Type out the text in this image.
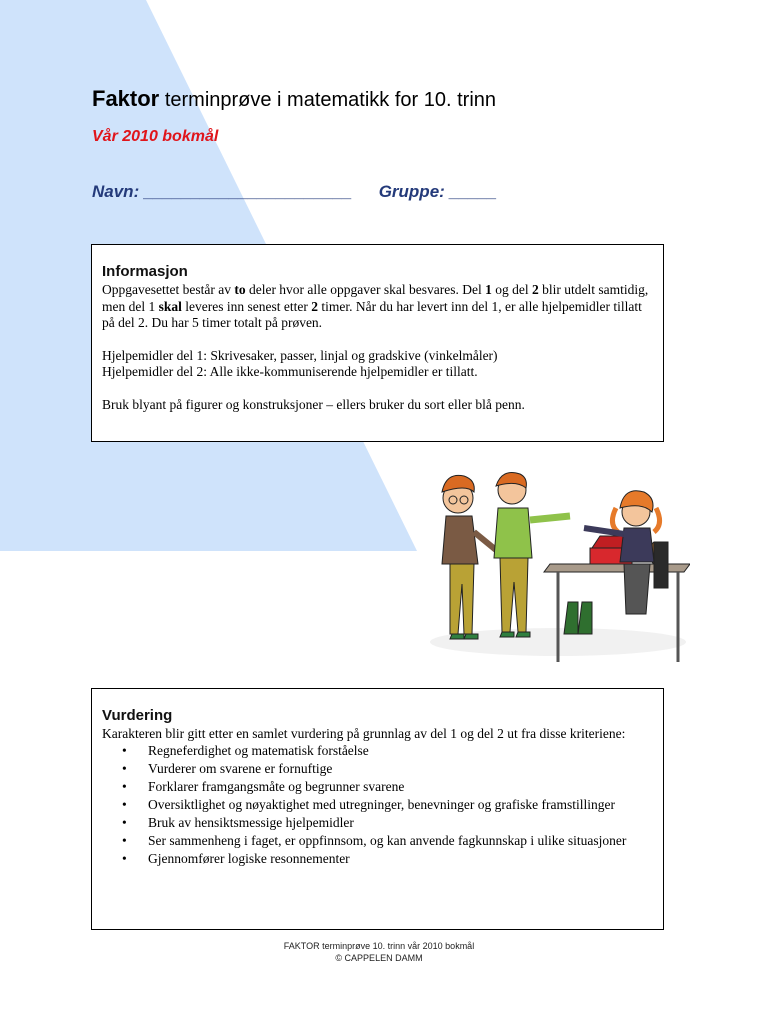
Faktor terminprøve i matematikk for 10. trinn
Vår 2010 bokmål
Navn: ______________________ Gruppe: _____
Informasjon

Oppgavesettet består av to deler hvor alle oppgaver skal besvares. Del 1 og del 2 blir utdelt samtidig, men del 1 skal leveres inn senest etter 2 timer. Når du har levert inn del 1, er alle hjelpemidler tillatt på del 2. Du har 5 timer totalt på prøven.

Hjelpemidler del 1: Skrivesaker, passer, linjal og gradskive (vinkelmåler)

Hjelpemidler del 2: Alle ikke-kommuniserende hjelpemidler er tillatt.

Bruk blyant på figurer og konstruksjoner – ellers bruker du sort eller blå penn.

Vurdering

Karakteren blir gitt etter en samlet vurdering på grunnlag av del 1 og del 2 ut fra disse kriteriene:

• Regneferdighet og matematisk forståelse
• Vurderer om svarene er fornuftige
• Forklarer framgangsmåte og begrunner svarene
• Oversiktlighet og nøyaktighet med utregninger, benevninger og grafiske framstillinger
• Bruk av hensiktsmessige hjelpemidler
• Ser sammenheng i faget, er oppfinnsom, og kan anvende fagkunnskap i ulike situasjoner
• Gjennomfører logiske resonnementer
FAKTOR terminprøve 10. trinn vår 2010 bokmål
© CAPPELEN DAMM
